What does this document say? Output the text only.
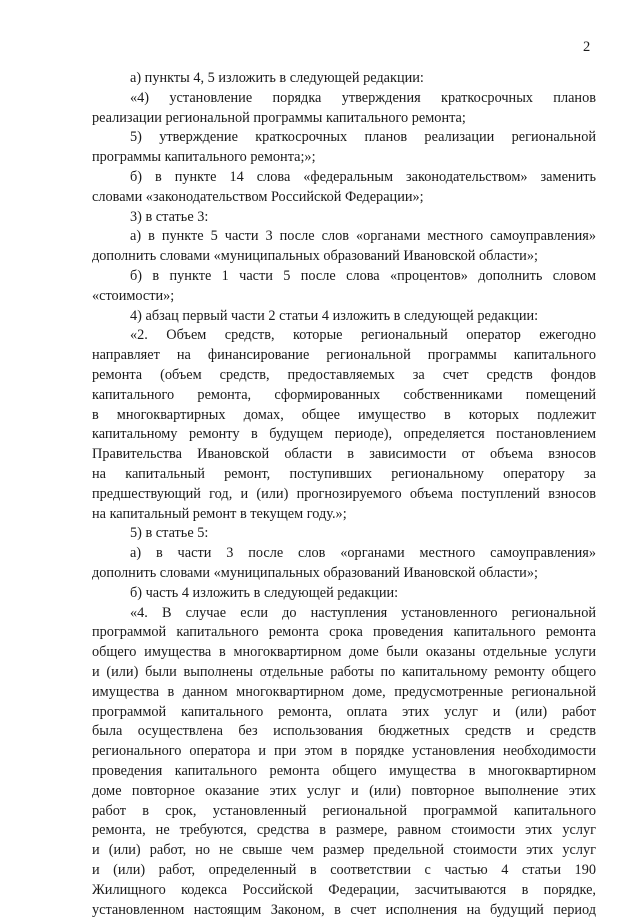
2
а) пункты 4, 5 изложить в следующей редакции:
«4) установление порядка утверждения краткосрочных планов
реализации региональной программы капитального ремонта;
5) утверждение краткосрочных планов реализации региональной
программы капитального ремонта;»;
б) в пункте 14 слова «федеральным законодательством» заменить
словами «законодательством Российской Федерации»;
3) в статье 3:
а) в пункте 5 части 3 после слов «органами местного самоуправления»
дополнить словами «муниципальных образований Ивановской области»;
б) в пункте 1 части 5 после слова «процентов» дополнить словом
«стоимости»;
4) абзац первый части 2 статьи 4 изложить в следующей редакции:
«2. Объем средств, которые региональный оператор ежегодно
направляет на финансирование региональной программы капитального
ремонта (объем средств, предоставляемых за счет средств фондов
капитального ремонта, сформированных собственниками помещений
в многоквартирных домах, общее имущество в которых подлежит
капитальному ремонту в будущем периоде), определяется постановлением
Правительства Ивановской области в зависимости от объема взносов
на капитальный ремонт, поступивших региональному оператору за
предшествующий год, и (или) прогнозируемого объема поступлений взносов
на капитальный ремонт в текущем году.»;
5) в статье 5:
а) в части 3 после слов «органами местного самоуправления»
дополнить словами «муниципальных образований Ивановской области»;
б) часть 4 изложить в следующей редакции:
«4. В случае если до наступления установленного региональной
программой капитального ремонта срока проведения капитального ремонта
общего имущества в многоквартирном доме были оказаны отдельные услуги
и (или) были выполнены отдельные работы по капитальному ремонту общего
имущества в данном многоквартирном доме, предусмотренные региональной
программой капитального ремонта, оплата этих услуг и (или) работ
была осуществлена без использования бюджетных средств и средств
регионального оператора и при этом в порядке установления необходимости
проведения капитального ремонта общего имущества в многоквартирном
доме повторное оказание этих услуг и (или) повторное выполнение этих
работ в срок, установленный региональной программой капитального
ремонта, не требуются, средства в размере, равном стоимости этих услуг
и (или) работ, но не свыше чем размер предельной стоимости этих услуг
и (или) работ, определенный в соответствии с частью 4 статьи 190
Жилищного кодекса Российской Федерации, засчитываются в порядке,
установленном настоящим Законом, в счет исполнения на будущий период
